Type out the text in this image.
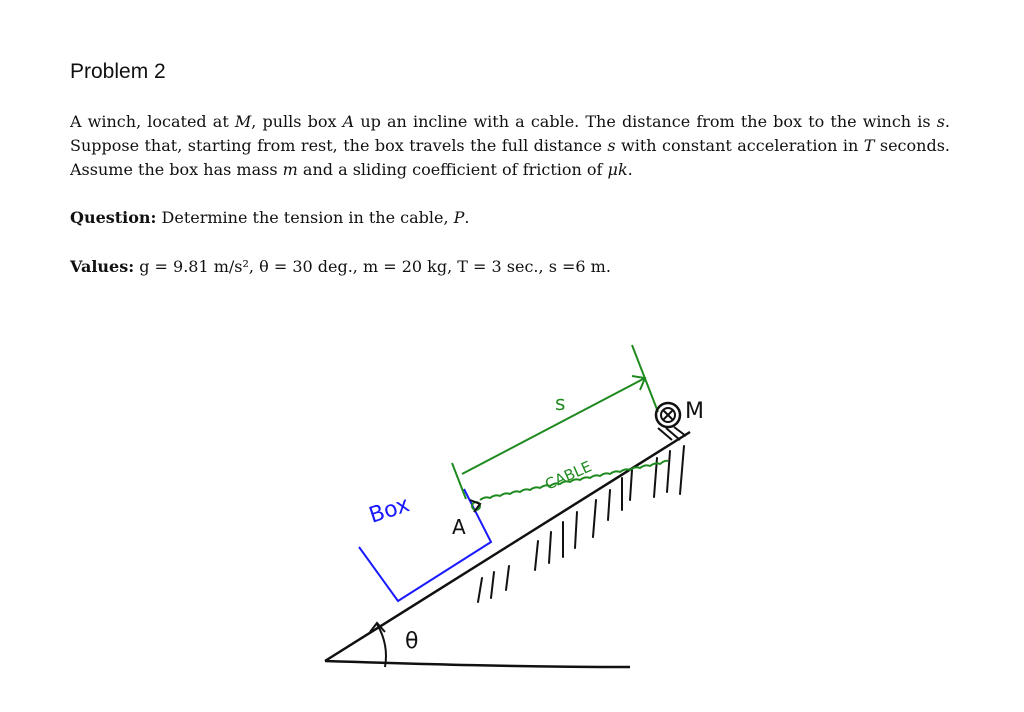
Problem 2

A winch, located at M, pulls box A up an incline with a cable. The distance from the box to the winch is s. Suppose that, starting from rest, the box travels the full distance s with constant acceleration in T seconds. Assume the box has mass m and a sliding coefficient of friction of μk.

Question: Determine the tension in the cable, P.

Values: g = 9.81 m/s², θ = 30 deg., m = 20 kg, T = 3 sec., s =6 m.

θ
Box A
CABLE
s	M
